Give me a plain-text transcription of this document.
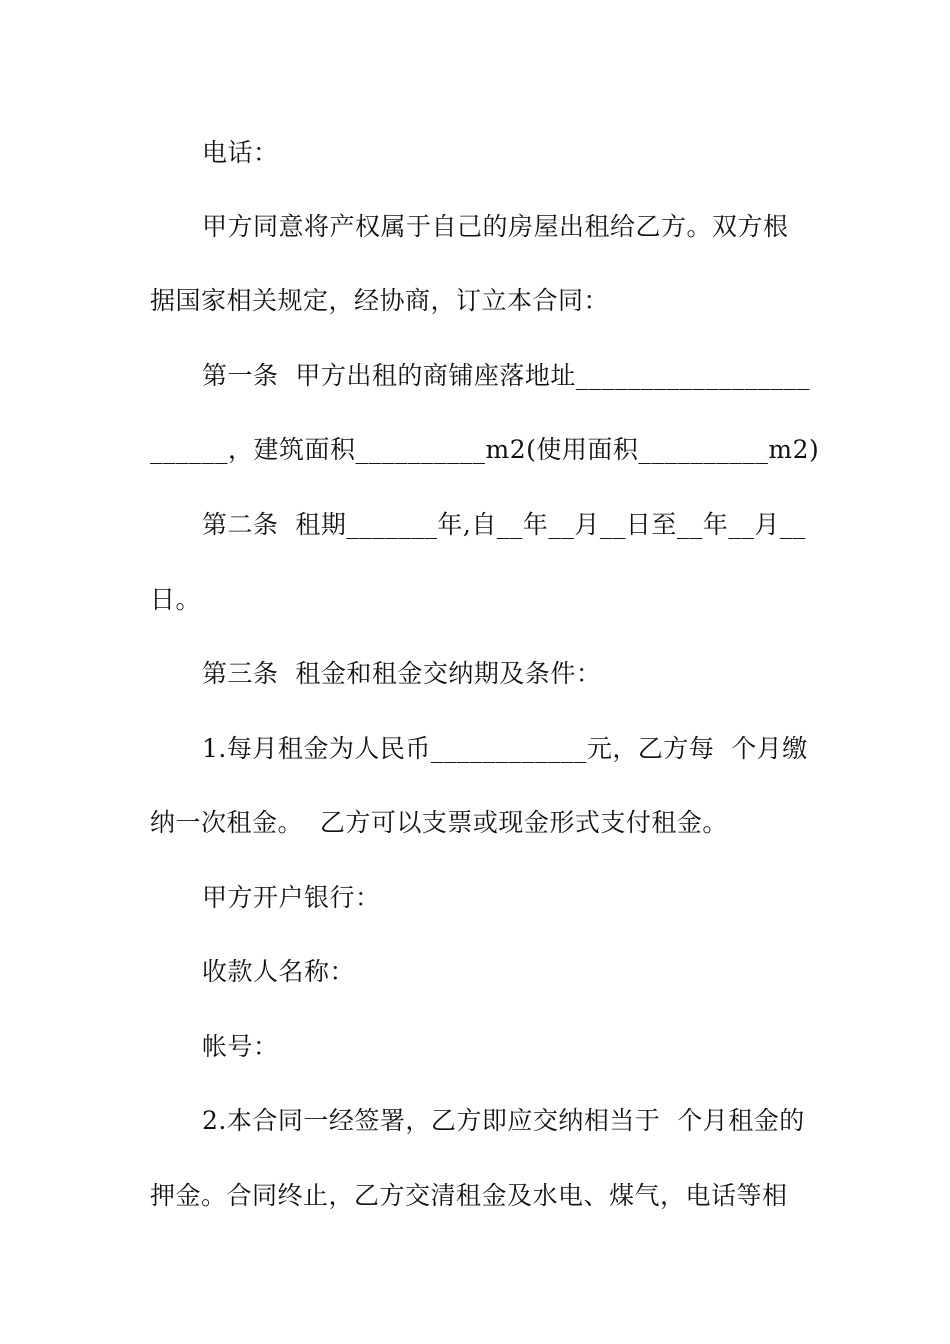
电话：
甲方同意将产权属于自己的房屋出租给乙方。双方根
据国家相关规定，经协商，订立本合同：
第一条  甲方出租的商铺座落地址__________________
______，建筑面积__________m2(使用面积__________m2)
第二条  租期_______年,自__年__月__日至__年__月__
日。
第三条  租金和租金交纳期及条件：
1.每月租金为人民币____________元，乙方每  个月缴
纳一次租金。  乙方可以支票或现金形式支付租金。
甲方开户银行：
收款人名称：
帐号：
2.本合同一经签署，乙方即应交纳相当于  个月租金的
押金。合同终止，乙方交清租金及水电、煤气，电话等相
